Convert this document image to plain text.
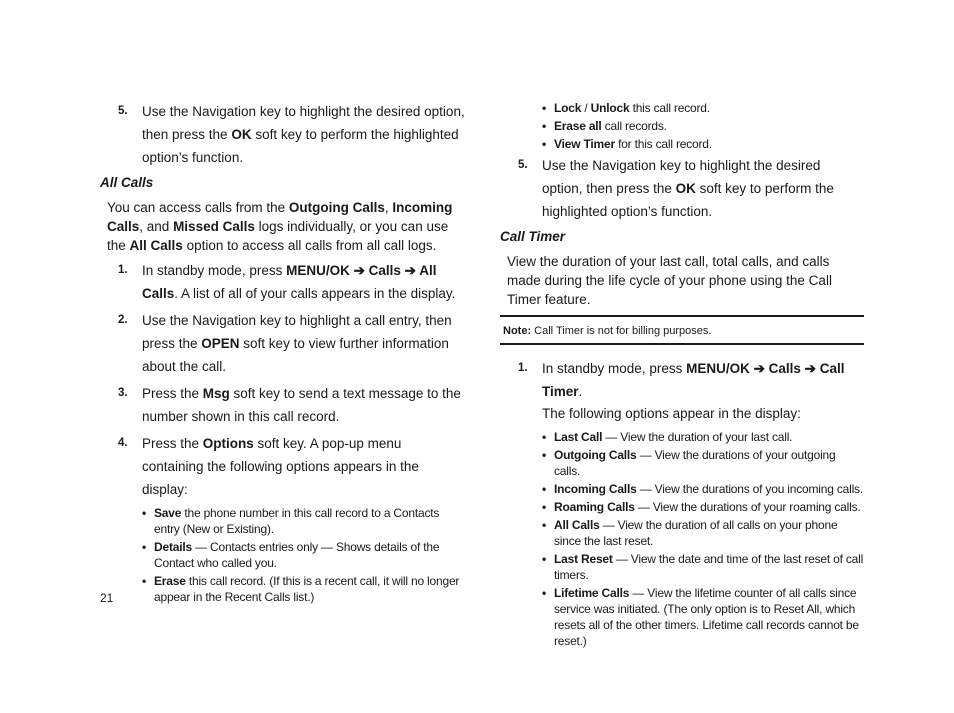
5. Use the Navigation key to highlight the desired option, then press the OK soft key to perform the highlighted option’s function.
All Calls
You can access calls from the Outgoing Calls, Incoming Calls, and Missed Calls logs individually, or you can use the All Calls option to access all calls from all call logs.
1. In standby mode, press MENU/OK ➔ Calls ➔ All Calls. A list of all of your calls appears in the display.
2. Use the Navigation key to highlight a call entry, then press the OPEN soft key to view further information about the call.
3. Press the Msg soft key to send a text message to the number shown in this call record.
4. Press the Options soft key. A pop-up menu containing the following options appears in the display:
• Save the phone number in this call record to a Contacts entry (New or Existing).
• Details — Contacts entries only — Shows details of the Contact who called you.
• Erase this call record. (If this is a recent call, it will no longer appear in the Recent Calls list.)
• Lock / Unlock this call record.
• Erase all call records.
• View Timer for this call record.
5. Use the Navigation key to highlight the desired option, then press the OK soft key to perform the highlighted option’s function.
Call Timer
View the duration of your last call, total calls, and calls made during the life cycle of your phone using the Call Timer feature.
Note: Call Timer is not for billing purposes.
1. In standby mode, press MENU/OK ➔ Calls ➔ Call Timer.
The following options appear in the display:
• Last Call — View the duration of your last call.
• Outgoing Calls — View the durations of your outgoing calls.
• Incoming Calls — View the durations of you incoming calls.
• Roaming Calls — View the durations of your roaming calls.
• All Calls — View the duration of all calls on your phone since the last reset.
• Last Reset — View the date and time of the last reset of call timers.
• Lifetime Calls — View the lifetime counter of all calls since service was initiated. (The only option is to Reset All, which resets all of the other timers. Lifetime call records cannot be reset.)
21
